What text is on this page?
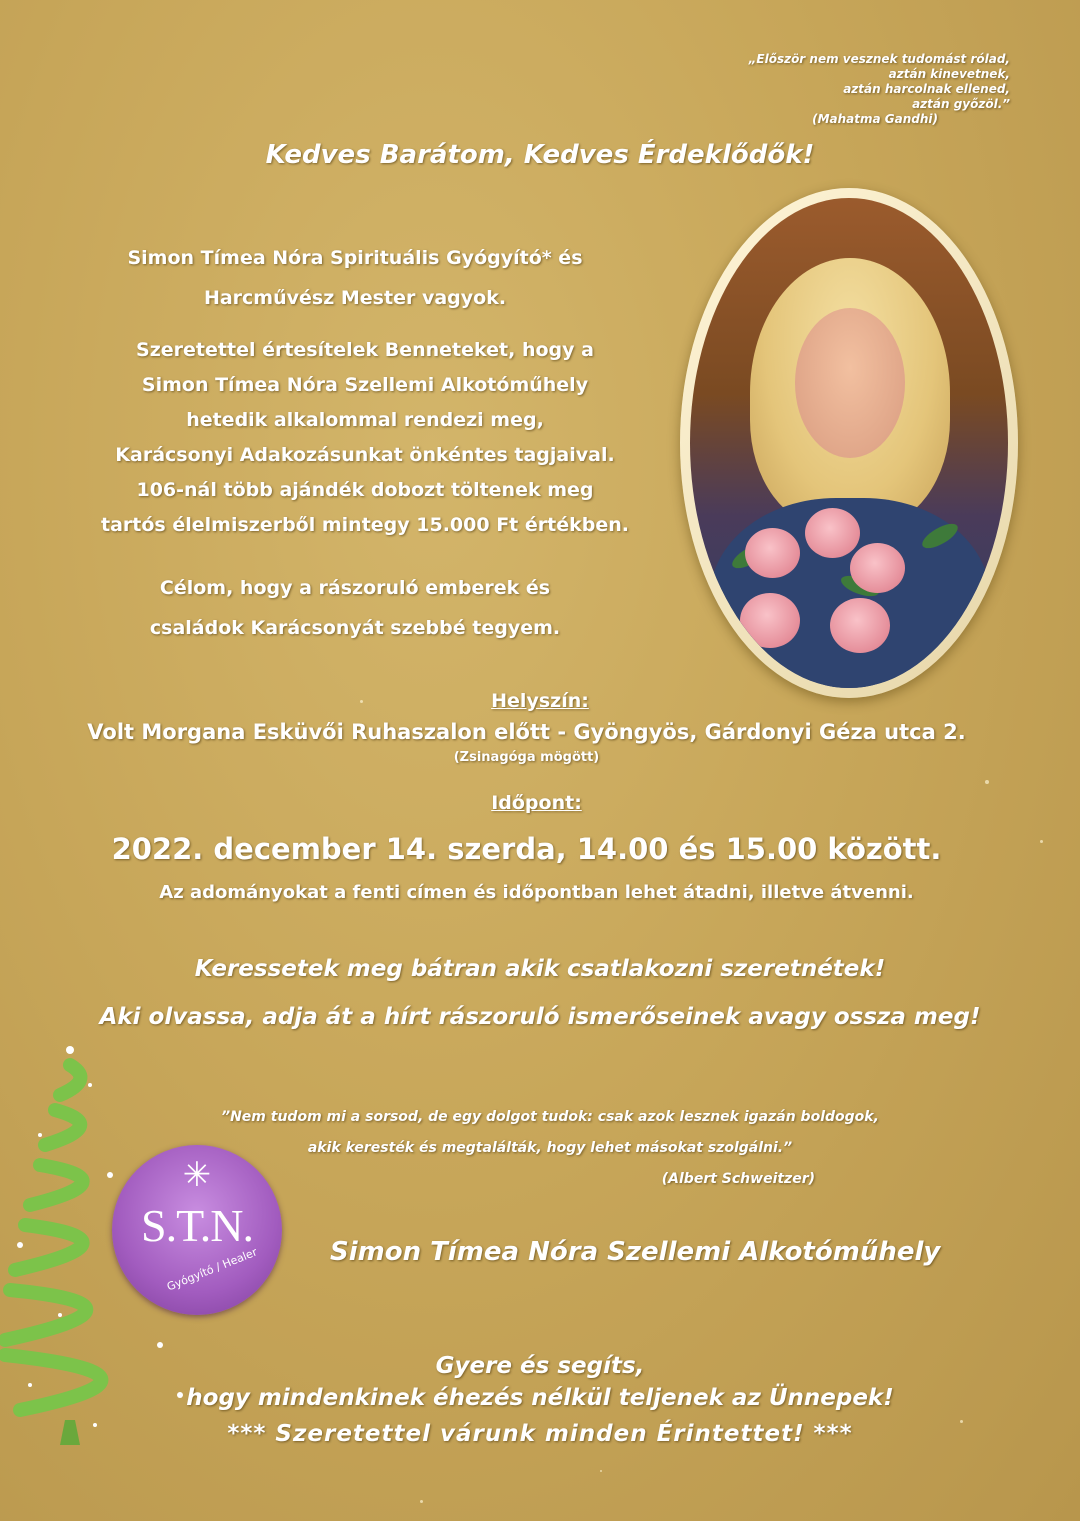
„Először nem vesznek tudomást rólad,
aztán kinevetnek,
aztán harcolnak ellened,
aztán győzöl.”
(Mahatma Gandhi)
Kedves Barátom, Kedves Érdeklődők!
Simon Tímea Nóra Spirituális Gyógyító* és
Harcművész Mester vagyok.
Szeretettel értesítelek Benneteket, hogy a
Simon Tímea Nóra Szellemi Alkotóműhely
hetedik alkalommal rendezi meg,
Karácsonyi Adakozásunkat önkéntes tagjaival.
106-nál több ajándék dobozt töltenek meg
tartós élelmiszerből mintegy 15.000 Ft értékben.
Célom, hogy a rászoruló emberek és
családok Karácsonyát szebbé tegyem.
Helyszín:
Volt Morgana Esküvői Ruhaszalon előtt - Gyöngyös, Gárdonyi Géza utca 2.
(Zsinagóga mögött)
Időpont:
2022. december 14. szerda, 14.00 és 15.00 között.
Az adományokat a fenti címen és időpontban lehet átadni, illetve átvenni.
Keressetek meg bátran akik csatlakozni szeretnétek!
Aki olvassa, adja át a hírt rászoruló ismerőseinek avagy ossza meg!
”Nem tudom mi a sorsod, de egy dolgot tudok: csak azok lesznek igazán boldogok,
akik keresték és megtalálták, hogy lehet másokat szolgálni.”
(Albert Schweitzer)
✳
S.T.N.
Gyógyító / Healer	Simon Tímea Nóra Szellemi Alkotóműhely
Gyere és segíts,
hogy mindenkinek éhezés nélkül teljenek az Ünnepek!
*** Szeretettel várunk minden Érintettet! ***
